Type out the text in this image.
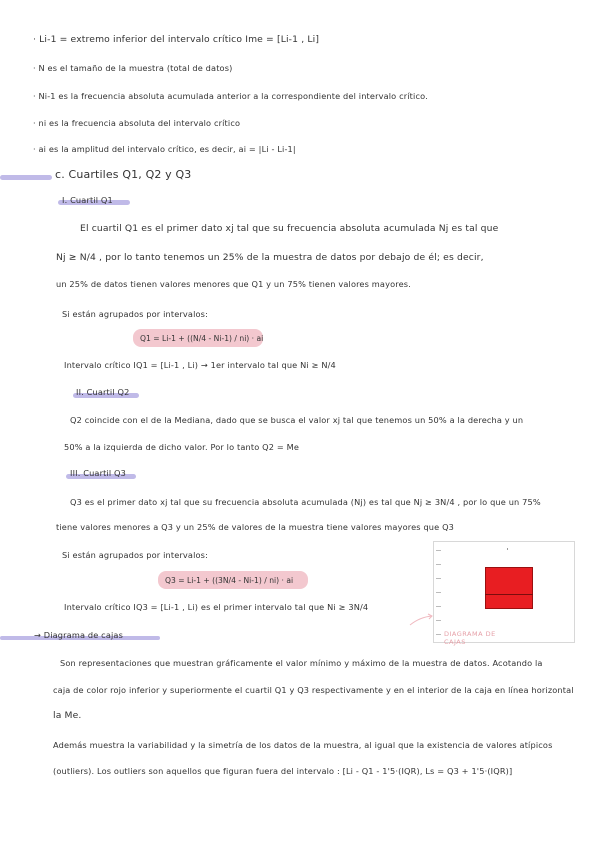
· Li-1 = extremo inferior del intervalo crítico Ime = [Li-1 , Li]
· N es el tamaño de la muestra (total de datos)
· Ni-1 es la frecuencia absoluta acumulada anterior a la correspondiente del intervalo crítico.
· ni es la frecuencia absoluta del intervalo crítico
· ai es la amplitud del intervalo crítico, es decir, ai = |Li - Li-1|
c. Cuartiles Q1, Q2 y Q3
I. Cuartil Q1
El cuartil Q1 es el primer dato xj tal que su frecuencia absoluta acumulada Nj es tal que
Nj ≥ N/4 , por lo tanto tenemos un 25% de la muestra de datos por debajo de él; es decir,
un 25% de datos tienen valores menores que Q1 y un 75% tienen valores mayores.
Si están agrupados por intervalos:
Q1 = Li-1 + ((N/4 - Ni-1) / ni) · ai
Intervalo crítico IQ1 = [Li-1 , Li) → 1er intervalo tal que Ni ≥ N/4
II. Cuartil Q2
Q2 coincide con el de la Mediana, dado que se busca el valor xj tal que tenemos un 50% a la derecha y un
50% a la izquierda de dicho valor. Por lo tanto Q2 = Me
III. Cuartil Q3
Q3 es el primer dato xj tal que su frecuencia absoluta acumulada (Nj) es tal que Nj ≥ 3N/4 , por lo que un 75%
tiene valores menores a Q3 y un 25% de valores de la muestra tiene valores mayores que Q3
Si están agrupados por intervalos:
Q3 = Li-1 + ((3N/4 - Ni-1) / ni) · ai
Intervalo crítico IQ3 = [Li-1 , Li) es el primer intervalo tal que Ni ≥ 3N/4
→ Diagrama de cajas
Son representaciones que muestran gráficamente el valor mínimo y máximo de la muestra de datos. Acotando la
caja de color rojo inferior y superiormente el cuartil Q1 y Q3 respectivamente y en el interior de la caja en línea horizontal
la Me.
Además muestra la variabilidad y la simetría de los datos de la muestra, al igual que la existencia de valores atípicos
(outliers). Los outliers son aquellos que figuran fuera del intervalo : [Li - Q1 - 1'5·(IQR), Ls = Q3 + 1'5·(IQR)]
DIAGRAMA DE CAJAS
